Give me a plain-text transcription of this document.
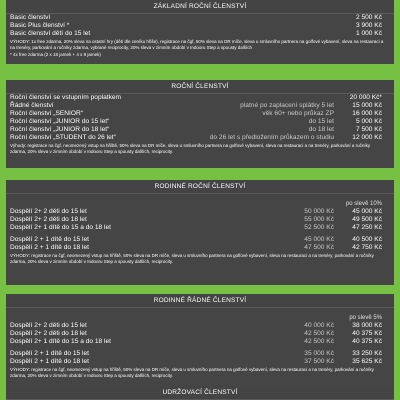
ZÁKLADNÍ ROČNÍ ČLENSTVÍ
Basic členství	2 500 Kč
Basic Plus členství *	3 900 Kč
Basic členství dětí do 15 let	1 000 Kč
VÝHODY: 1x free zdarma, 20% sleva na ostatní hry (dětí dle ceníku hřiše), registrace na čgf, 50% sleva na DR míče, sleva u smluvního partnera na golfové vybavení, sleva na restauraci a na trenéry, parkování a ručníky zdarma, vybrané reciprocity, 20% sleva v zimním období v Indooru Step a spousty dalších
* 4x free zdarma (2 x 18 jamek + 4 x 9 jamek)
ROČNÍ ČLENSTVÍ
Roční členství se vstupním poplatkem	20 000 Kč*
Řádné členství	platné po zaplacení splátky 5 let	15 000 Kč
Roční členství „SENIOR“	věk 60+ nebo průkaz ZP	16 000 Kč
Roční členství „JUNIOR do 15 let“	do 15 let	5 000 Kč
Roční členství „JUNIOR do 18 let“	do 18 let	7 500 Kč
Roční členství „STUDENT do 26 let“	do 26 let s předložením průkazem o studiu	12 000 Kč
Výhody: registrace na čgf, neomezený vstup na hřiště, 50% sleva na DR míče, sleva u smluvního partnera na golfové vybavení, sleva na restauraci a na trenéry, parkování a ručníky zdarma, 20% sleva v zimním období v Indooru Step a spousty dalších, reciprocity.
RODINNÉ ROČNÍ ČLENSTVÍ
po slevě 10%
Dospělí 2+ 2 děti do 15 let	50 000 Kč	45 000 Kč
Dospělí 2+ 2 děti do 18 let	55 000 Kč	49 500 Kč
Dospělí 2+ 1 dítě do 15 a do 18 let	52 500 Kč	47 250 Kč
Dospělí 2 + 1 dítě do 15 let	45 000 Kč	40 500 Kč
Dospělí 2 + 1 dítě do 18 let	47 500 Kč	42 750 Kč
VÝHODY: registrace na čgf, neomezený vstup na hřiště, 50% sleva na DR míče, sleva u smluvního partnera na golfové vybavení, sleva na restauraci a na trenéry, parkování a ručníky zdarma, 20% sleva v zimním období v Indooru Step a spousty dalších, reciprocity.
RODINNÉ ŘÁDNÉ ČLENSTVÍ
po slevě 5%
Dospělí 2+ 2 děti do 15 let	40 000 Kč	38 000 Kč
Dospělí 2+ 2 děti do 18 let	42 500 Kč	40 375 Kč
Dospělí 2+ 1 dítě do 15 a do 18 let	42 500 Kč	40 375 Kč
Dospělí 2 + 1 dítě do 15 let	35 000 Kč	33 250 Kč
Dospělí 2 + 1 dítě do 18 let	37 500 Kč	35 625 Kč
VÝHODY: registrace na čgf, neomezený vstup na hřiště, 50% sleva na DR míče, sleva u smluvního partnera na golfové vybavení, sleva na restauraci a na trenéry, parkování a ručníky zdarma, 20% sleva v zimním období v Indooru Step a spousty dalších, reciprocity.
UDRŽOVACÍ ČLENSTVÍ
